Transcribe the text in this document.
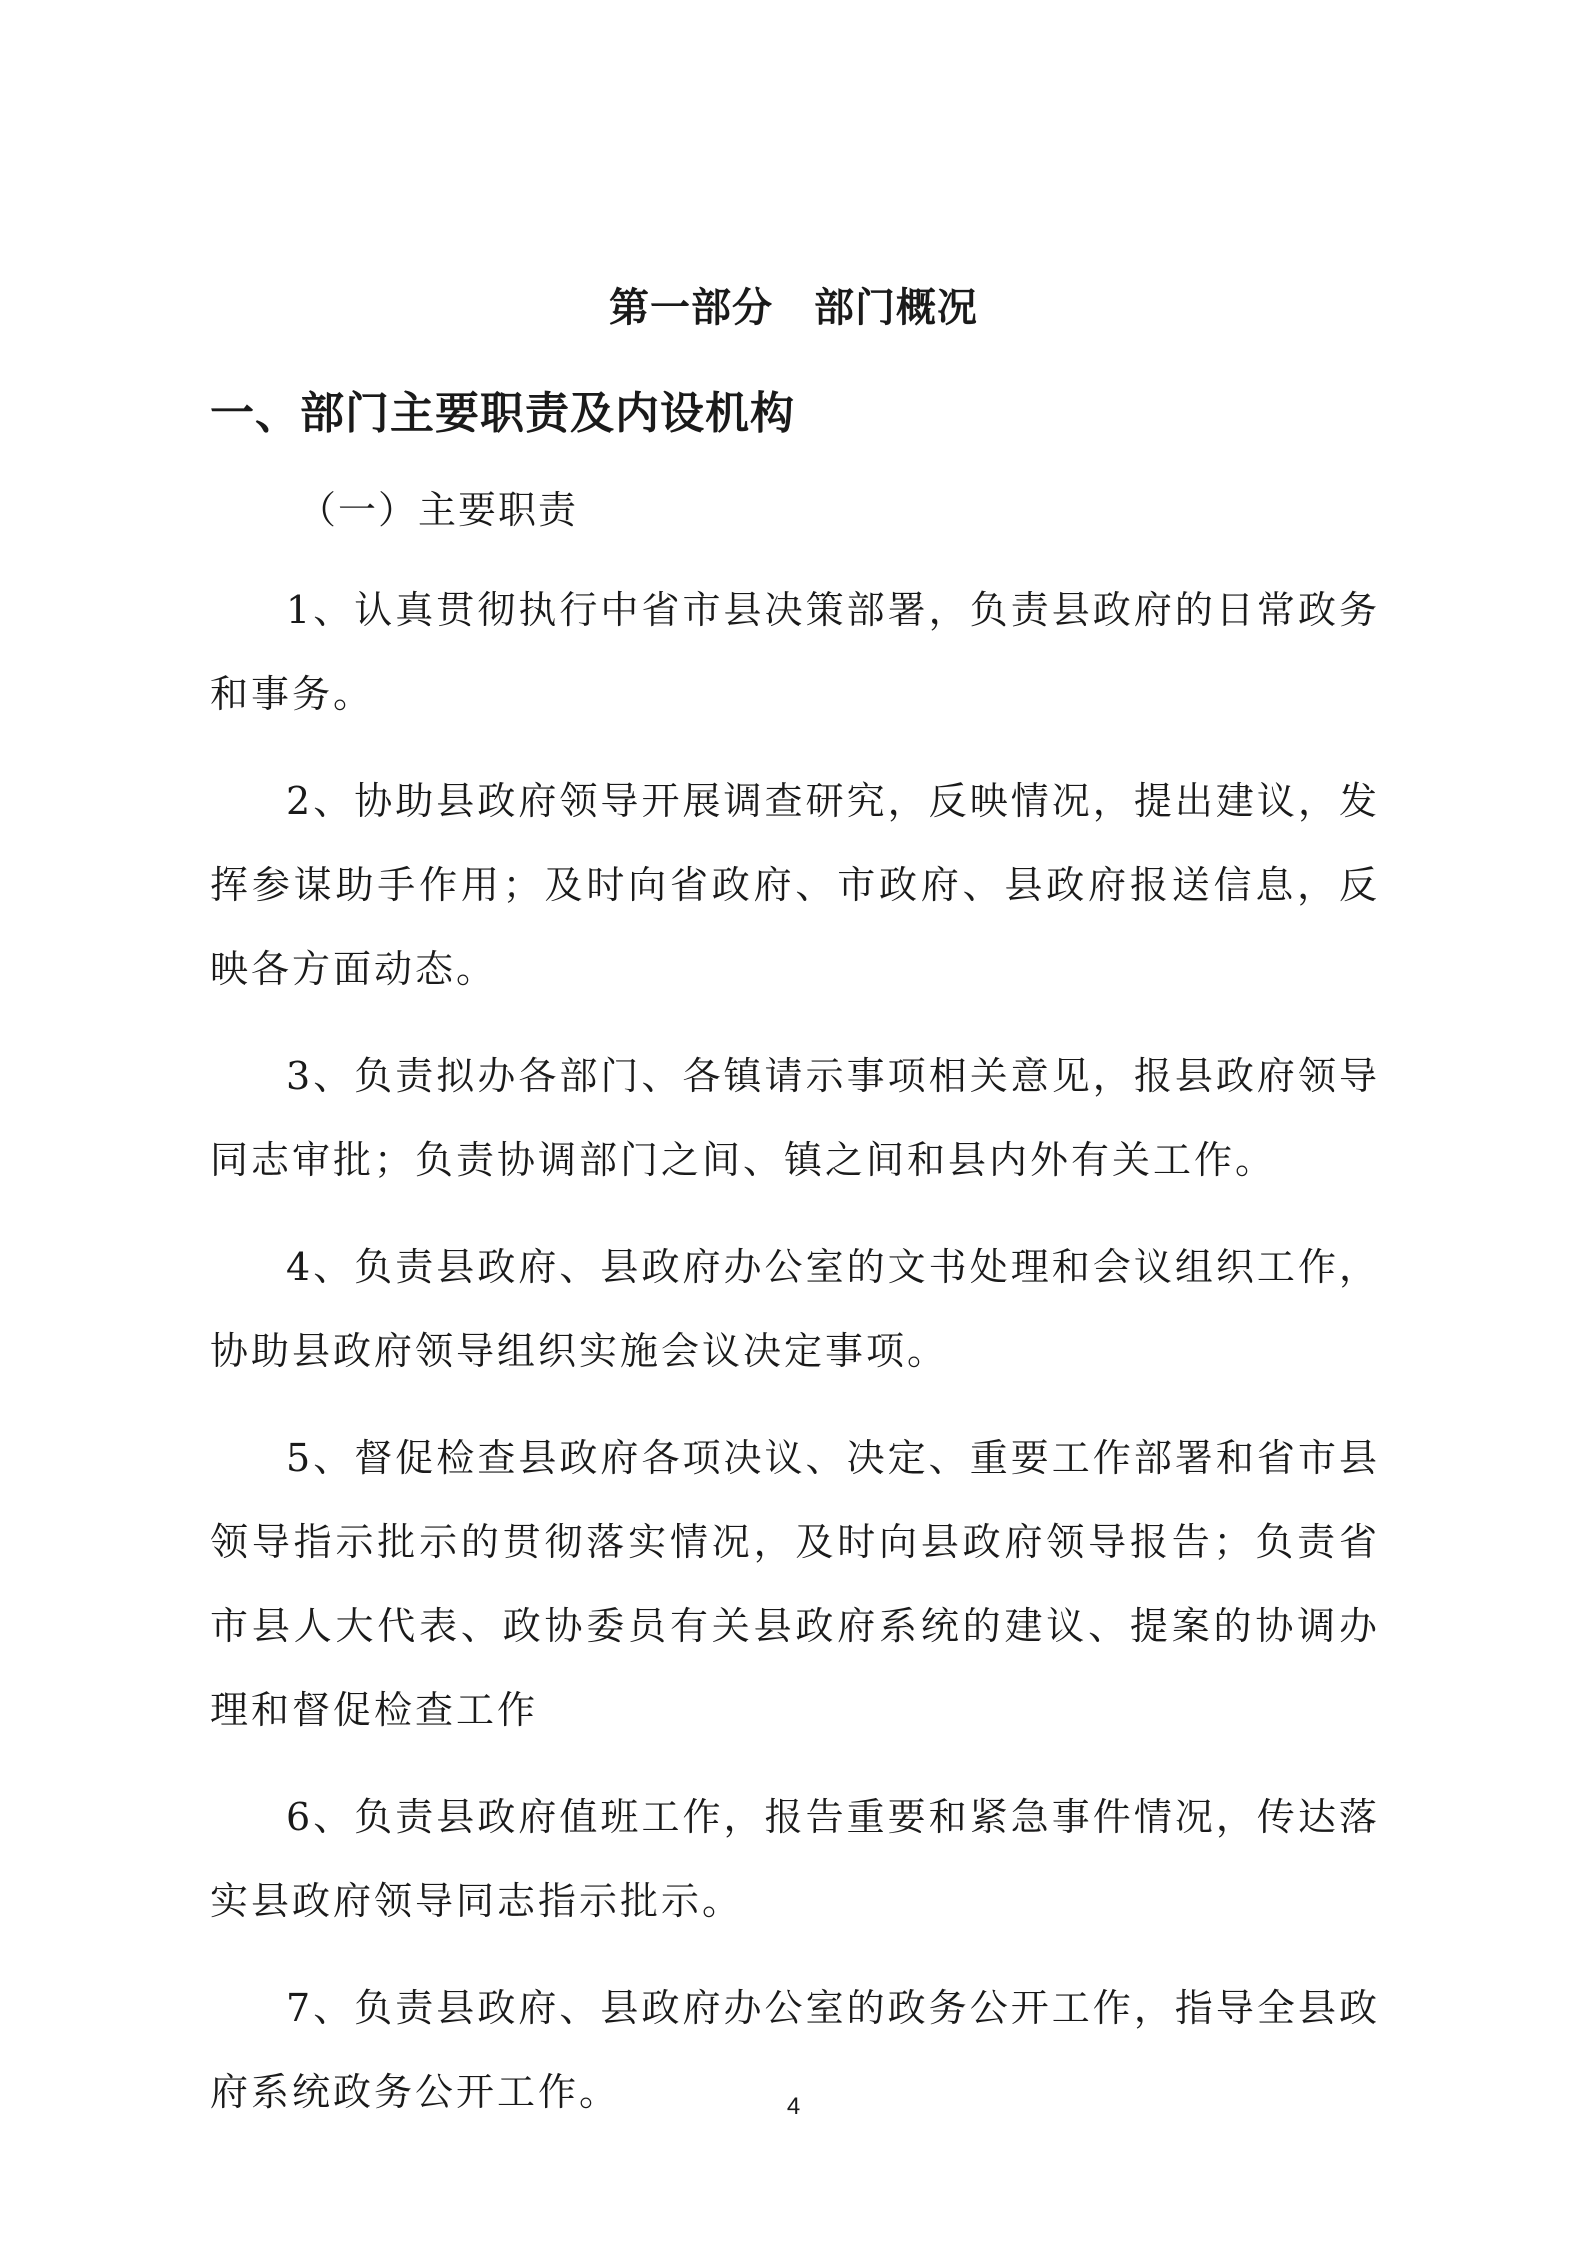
第一部分　部门概况
一、部门主要职责及内设机构
（一）主要职责

1、认真贯彻执行中省市县决策部署，负责县政府的日常政务和事务。

2、协助县政府领导开展调查研究，反映情况，提出建议，发挥参谋助手作用；及时向省政府、市政府、县政府报送信息，反映各方面动态。

3、负责拟办各部门、各镇请示事项相关意见，报县政府领导同志审批；负责协调部门之间、镇之间和县内外有关工作。

4、负责县政府、县政府办公室的文书处理和会议组织工作，协助县政府领导组织实施会议决定事项。

5、督促检查县政府各项决议、决定、重要工作部署和省市县领导指示批示的贯彻落实情况，及时向县政府领导报告；负责省市县人大代表、政协委员有关县政府系统的建议、提案的协调办理和督促检查工作

6、负责县政府值班工作，报告重要和紧急事件情况，传达落实县政府领导同志指示批示。

7、负责县政府、县政府办公室的政务公开工作，指导全县政府系统政务公开工作。	4
